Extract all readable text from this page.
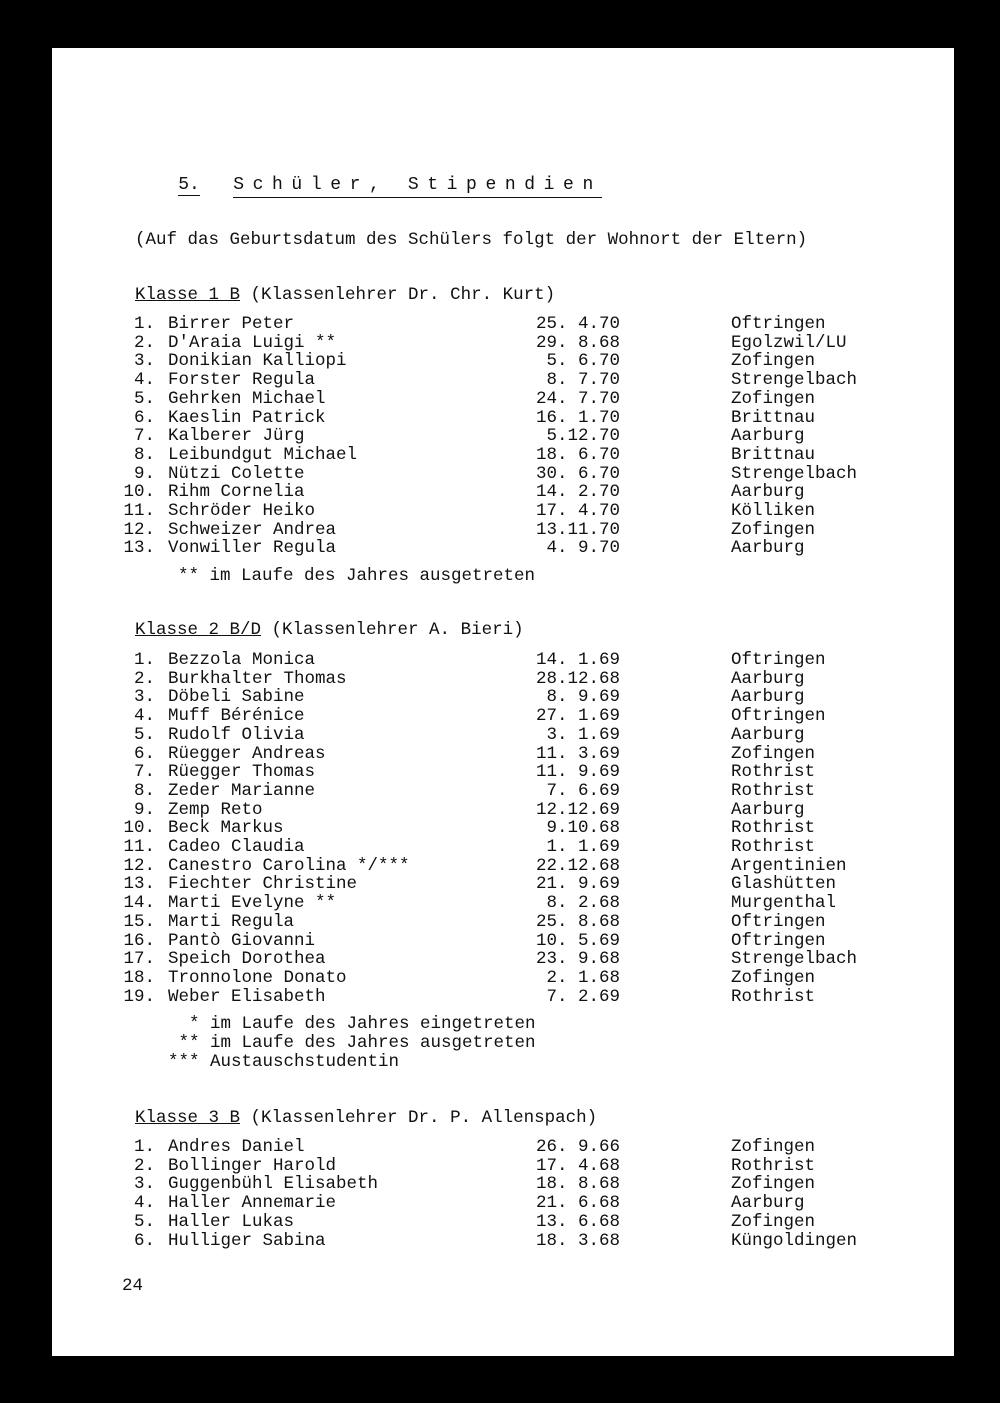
5. Schüler, Stipendien

(Auf das Geburtsdatum des Schülers folgt der Wohnort der Eltern)
Klasse 1 B (Klassenlehrer Dr. Chr. Kurt)
1. Birrer Peter	25. 4.70	Oftringen
2. D'Araia Luigi **	29. 8.68	Egolzwil/LU
3. Donikian Kalliopi	5. 6.70	Zofingen
4. Forster Regula	8. 7.70	Strengelbach
5. Gehrken Michael	24. 7.70	Zofingen
6. Kaeslin Patrick	16. 1.70	Brittnau
7. Kalberer Jürg	5.12.70	Aarburg
8. Leibundgut Michael	18. 6.70	Brittnau
9. Nützi Colette	30. 6.70	Strengelbach
10. Rihm Cornelia	14. 2.70	Aarburg
11. Schröder Heiko	17. 4.70	Kölliken
12. Schweizer Andrea	13.11.70	Zofingen
13. Vonwiller Regula	4. 9.70	Aarburg
** im Laufe des Jahres ausgetreten
Klasse 2 B/D (Klassenlehrer A. Bieri)
1. Bezzola Monica	14. 1.69	Oftringen
2. Burkhalter Thomas	28.12.68	Aarburg
3. Döbeli Sabine	8. 9.69	Aarburg
4. Muff Bérénice	27. 1.69	Oftringen
5. Rudolf Olivia	3. 1.69	Aarburg
6. Rüegger Andreas	11. 3.69	Zofingen
7. Rüegger Thomas	11. 9.69	Rothrist
8. Zeder Marianne	7. 6.69	Rothrist
9. Zemp Reto	12.12.69	Aarburg
10. Beck Markus	9.10.68	Rothrist
11. Cadeo Claudia	1. 1.69	Rothrist
12. Canestro Carolina */***	22.12.68	Argentinien
13. Fiechter Christine	21. 9.69	Glashütten
14. Marti Evelyne **	8. 2.68	Murgenthal
15. Marti Regula	25. 8.68	Oftringen
16. Pantò Giovanni	10. 5.69	Oftringen
17. Speich Dorothea	23. 9.68	Strengelbach
18. Tronnolone Donato	2. 1.68	Zofingen
19. Weber Elisabeth	7. 2.69	Rothrist
* im Laufe des Jahres eingetreten
** im Laufe des Jahres ausgetreten
*** Austauschstudentin
Klasse 3 B (Klassenlehrer Dr. P. Allenspach)
1. Andres Daniel	26. 9.66	Zofingen
2. Bollinger Harold	17. 4.68	Rothrist
3. Guggenbühl Elisabeth	18. 8.68	Zofingen
4. Haller Annemarie	21. 6.68	Aarburg
5. Haller Lukas	13. 6.68	Zofingen
6. Hulliger Sabina	18. 3.68	Küngoldingen
24
